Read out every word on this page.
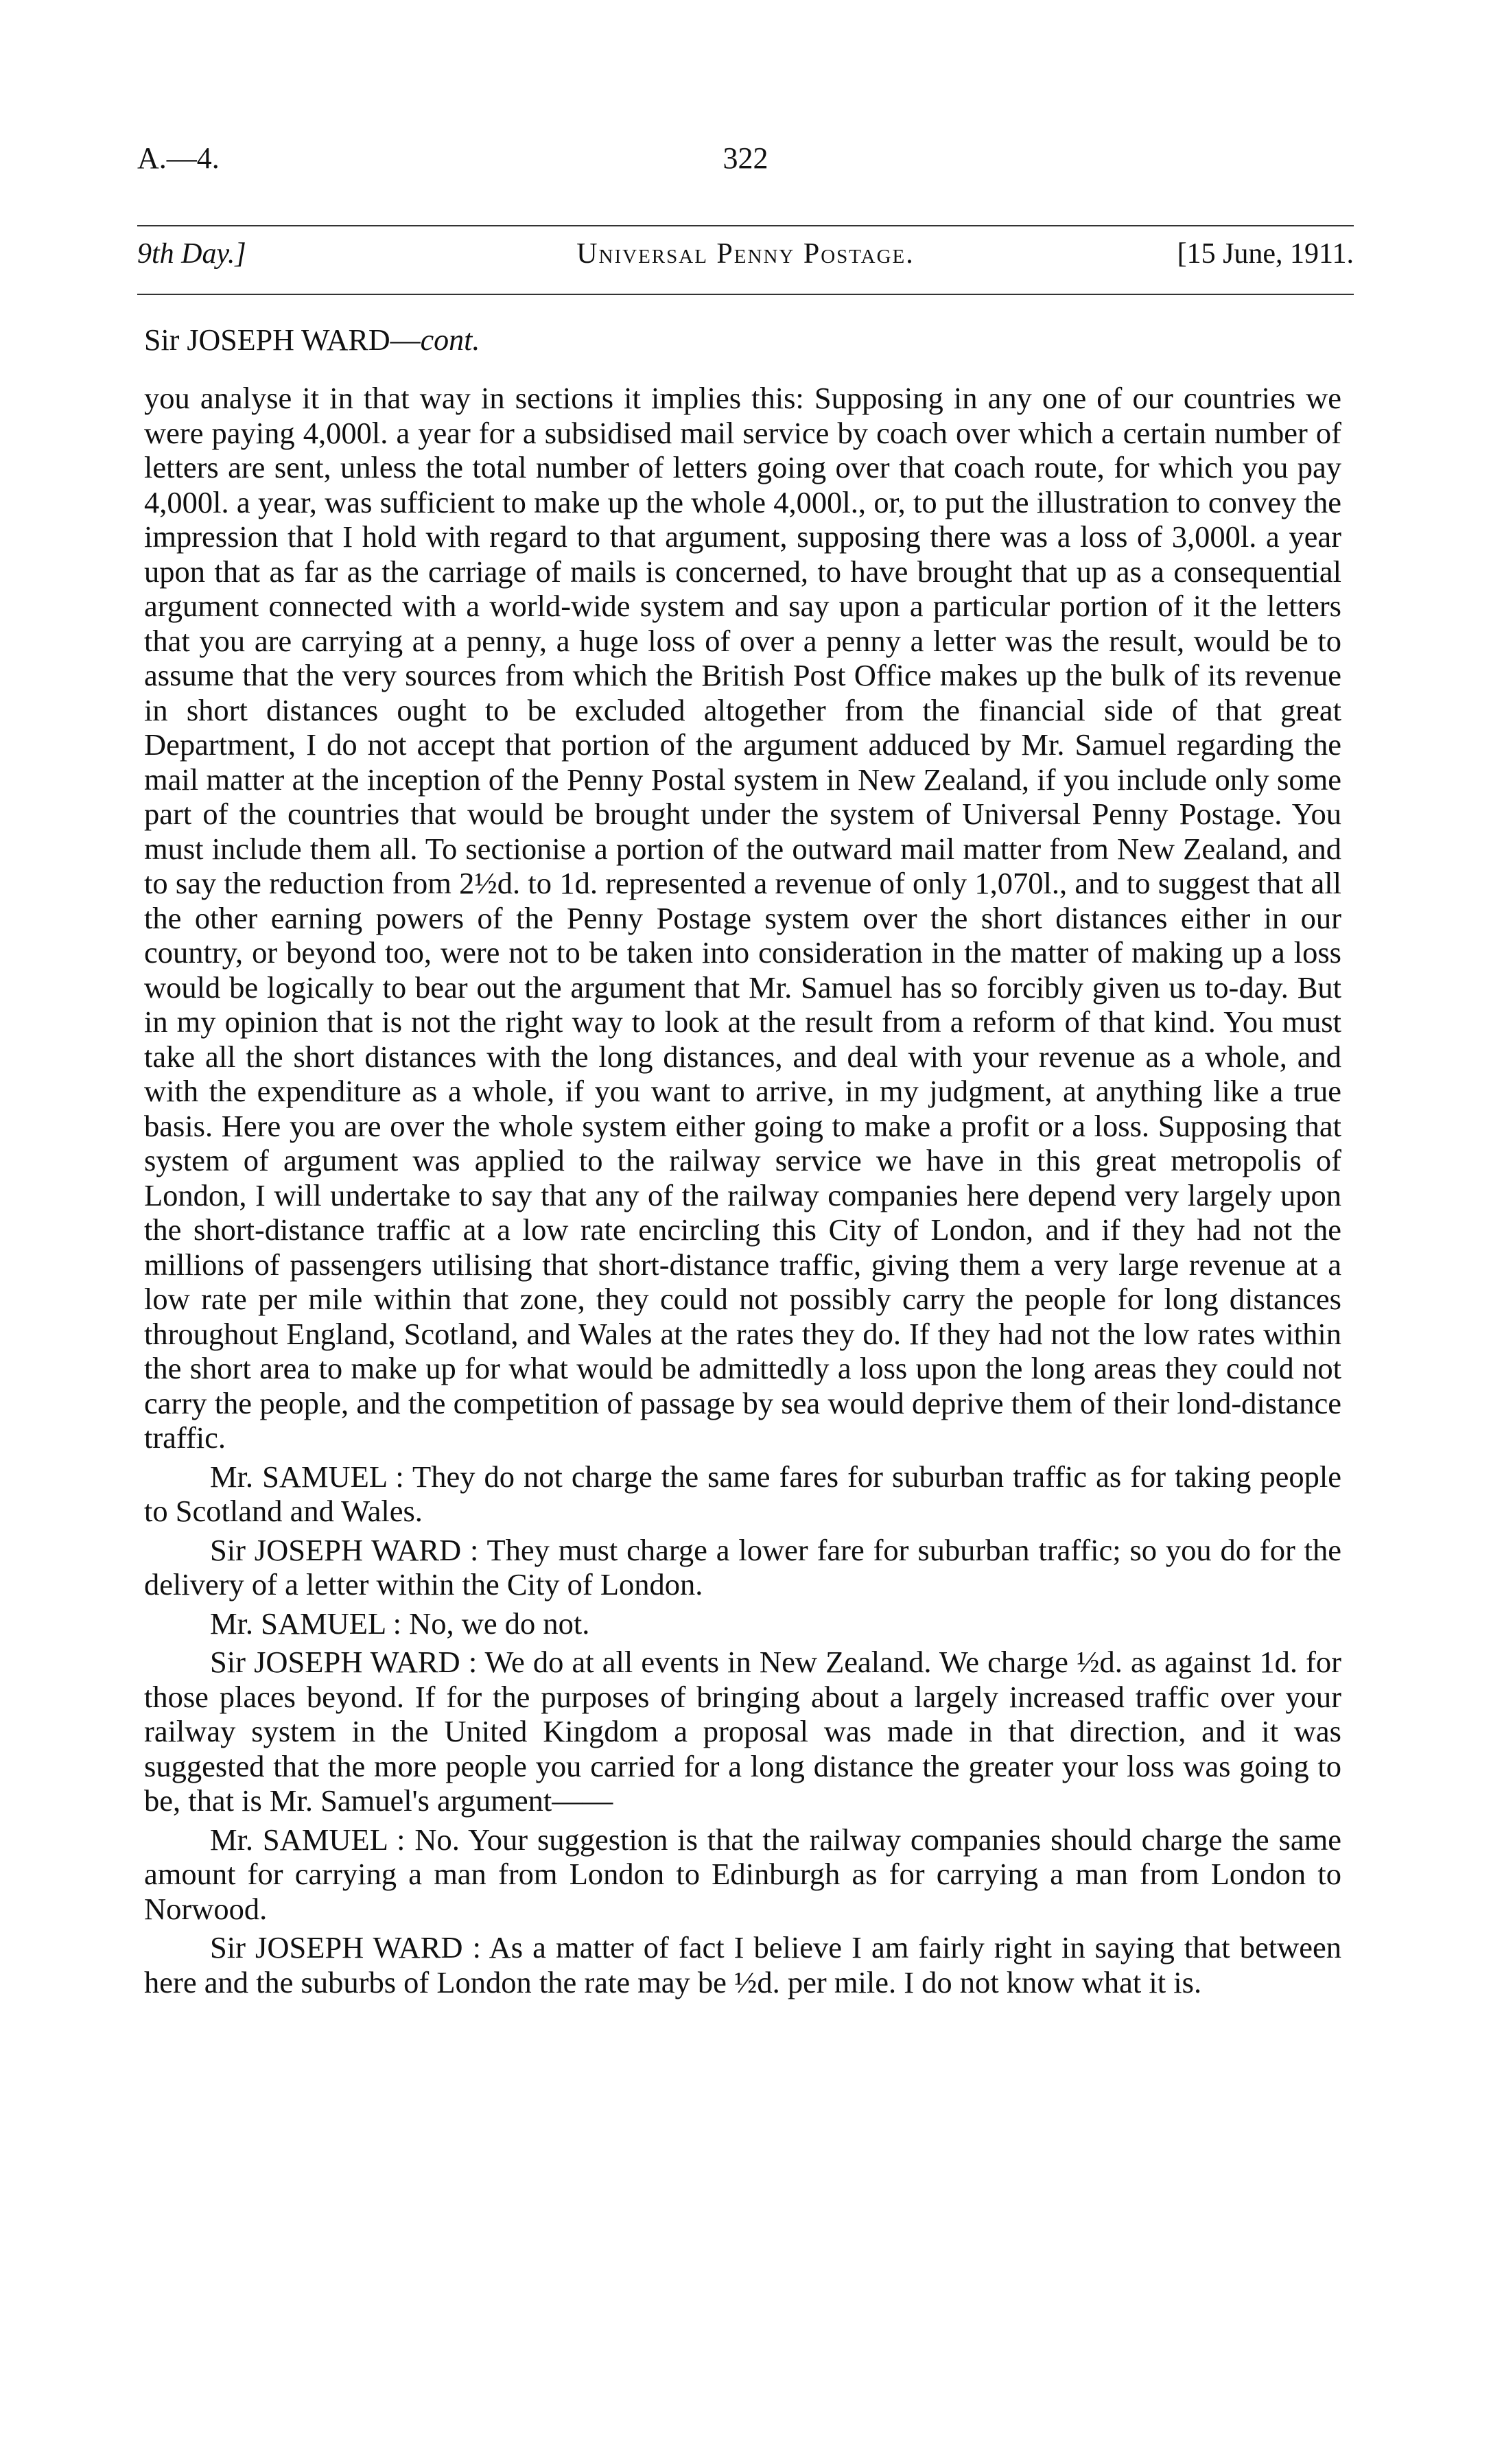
A.—4.	322
9th Day.]	Universal Penny Postage.	[15 June, 1911.
Sir JOSEPH WARD—cont.

you analyse it in that way in sections it implies this: Supposing in any one of our countries we were paying 4,000l. a year for a subsidised mail service by coach over which a certain number of letters are sent, unless the total number of letters going over that coach route, for which you pay 4,000l. a year, was sufficient to make up the whole 4,000l., or, to put the illustration to convey the impression that I hold with regard to that argument, supposing there was a loss of 3,000l. a year upon that as far as the carriage of mails is concerned, to have brought that up as a consequential argument connected with a world-wide system and say upon a particular portion of it the letters that you are carrying at a penny, a huge loss of over a penny a letter was the result, would be to assume that the very sources from which the British Post Office makes up the bulk of its revenue in short distances ought to be excluded altogether from the financial side of that great Department, I do not accept that portion of the argument adduced by Mr. Samuel regarding the mail matter at the inception of the Penny Postal system in New Zealand, if you include only some part of the countries that would be brought under the system of Universal Penny Postage. You must include them all. To sectionise a portion of the outward mail matter from New Zealand, and to say the reduction from 2½d. to 1d. represented a revenue of only 1,070l., and to suggest that all the other earning powers of the Penny Postage system over the short distances either in our country, or beyond too, were not to be taken into consideration in the matter of making up a loss would be logically to bear out the argument that Mr. Samuel has so forcibly given us to-day. But in my opinion that is not the right way to look at the result from a reform of that kind. You must take all the short distances with the long distances, and deal with your revenue as a whole, and with the expenditure as a whole, if you want to arrive, in my judgment, at anything like a true basis. Here you are over the whole system either going to make a profit or a loss. Supposing that system of argument was applied to the railway service we have in this great metropolis of London, I will undertake to say that any of the railway companies here depend very largely upon the short-distance traffic at a low rate encircling this City of London, and if they had not the millions of passengers utilising that short-distance traffic, giving them a very large revenue at a low rate per mile within that zone, they could not possibly carry the people for long distances throughout England, Scotland, and Wales at the rates they do. If they had not the low rates within the short area to make up for what would be admittedly a loss upon the long areas they could not carry the people, and the competition of passage by sea would deprive them of their lond-distance traffic.

Mr. SAMUEL : They do not charge the same fares for suburban traffic as for taking people to Scotland and Wales.

Sir JOSEPH WARD : They must charge a lower fare for suburban traffic; so you do for the delivery of a letter within the City of London.

Mr. SAMUEL : No, we do not.

Sir JOSEPH WARD : We do at all events in New Zealand. We charge ½d. as against 1d. for those places beyond. If for the purposes of bringing about a largely increased traffic over your railway system in the United Kingdom a proposal was made in that direction, and it was suggested that the more people you carried for a long distance the greater your loss was going to be, that is Mr. Samuel's argument——

Mr. SAMUEL : No. Your suggestion is that the railway companies should charge the same amount for carrying a man from London to Edinburgh as for carrying a man from London to Norwood.

Sir JOSEPH WARD : As a matter of fact I believe I am fairly right in saying that between here and the suburbs of London the rate may be ½d. per mile. I do not know what it is.
